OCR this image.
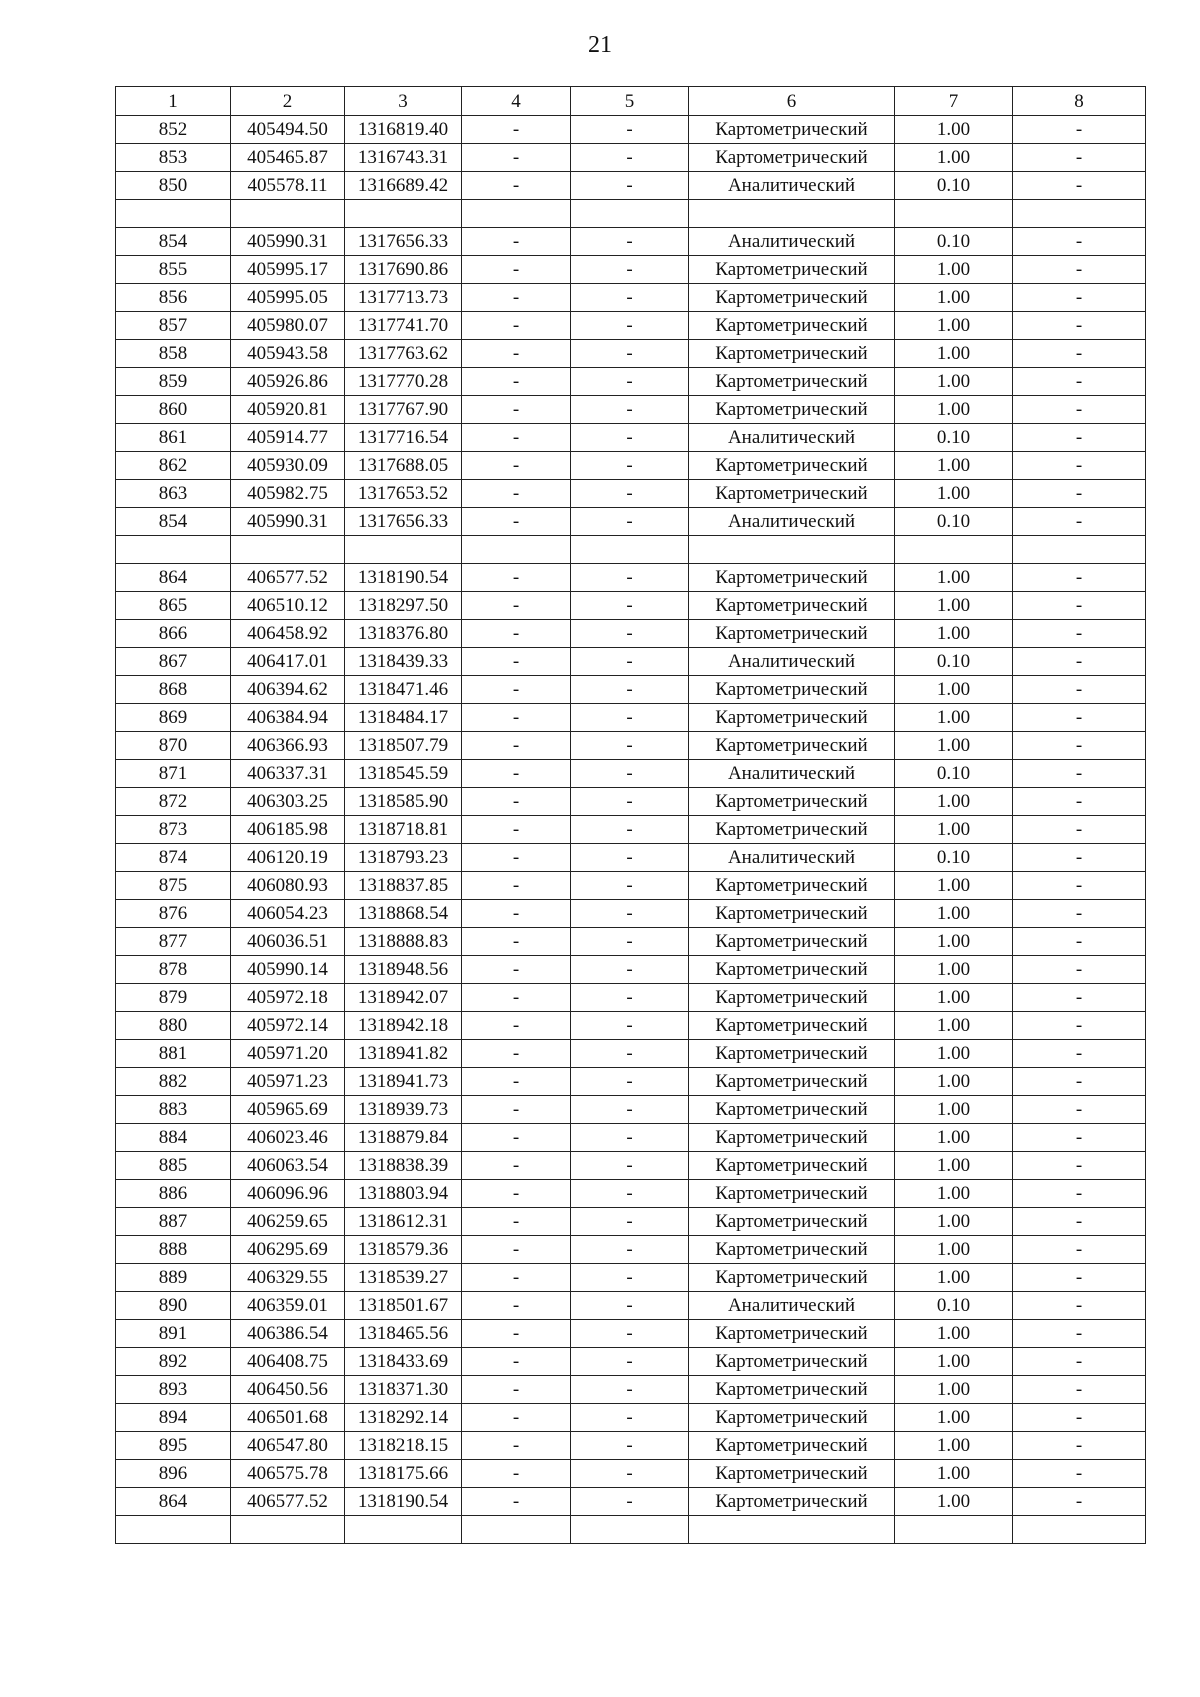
21
1	2	3	4	5	6	7	8
852	405494.50	1316819.40	-	-	Картометрический	1.00	-
853	405465.87	1316743.31	-	-	Картометрический	1.00	-
850	405578.11	1316689.42	-	-	Аналитический	0.10	-

854	405990.31	1317656.33	-	-	Аналитический	0.10	-
855	405995.17	1317690.86	-	-	Картометрический	1.00	-
856	405995.05	1317713.73	-	-	Картометрический	1.00	-
857	405980.07	1317741.70	-	-	Картометрический	1.00	-
858	405943.58	1317763.62	-	-	Картометрический	1.00	-
859	405926.86	1317770.28	-	-	Картометрический	1.00	-
860	405920.81	1317767.90	-	-	Картометрический	1.00	-
861	405914.77	1317716.54	-	-	Аналитический	0.10	-
862	405930.09	1317688.05	-	-	Картометрический	1.00	-
863	405982.75	1317653.52	-	-	Картометрический	1.00	-
854	405990.31	1317656.33	-	-	Аналитический	0.10	-

864	406577.52	1318190.54	-	-	Картометрический	1.00	-
865	406510.12	1318297.50	-	-	Картометрический	1.00	-
866	406458.92	1318376.80	-	-	Картометрический	1.00	-
867	406417.01	1318439.33	-	-	Аналитический	0.10	-
868	406394.62	1318471.46	-	-	Картометрический	1.00	-
869	406384.94	1318484.17	-	-	Картометрический	1.00	-
870	406366.93	1318507.79	-	-	Картометрический	1.00	-
871	406337.31	1318545.59	-	-	Аналитический	0.10	-
872	406303.25	1318585.90	-	-	Картометрический	1.00	-
873	406185.98	1318718.81	-	-	Картометрический	1.00	-
874	406120.19	1318793.23	-	-	Аналитический	0.10	-
875	406080.93	1318837.85	-	-	Картометрический	1.00	-
876	406054.23	1318868.54	-	-	Картометрический	1.00	-
877	406036.51	1318888.83	-	-	Картометрический	1.00	-
878	405990.14	1318948.56	-	-	Картометрический	1.00	-
879	405972.18	1318942.07	-	-	Картометрический	1.00	-
880	405972.14	1318942.18	-	-	Картометрический	1.00	-
881	405971.20	1318941.82	-	-	Картометрический	1.00	-
882	405971.23	1318941.73	-	-	Картометрический	1.00	-
883	405965.69	1318939.73	-	-	Картометрический	1.00	-
884	406023.46	1318879.84	-	-	Картометрический	1.00	-
885	406063.54	1318838.39	-	-	Картометрический	1.00	-
886	406096.96	1318803.94	-	-	Картометрический	1.00	-
887	406259.65	1318612.31	-	-	Картометрический	1.00	-
888	406295.69	1318579.36	-	-	Картометрический	1.00	-
889	406329.55	1318539.27	-	-	Картометрический	1.00	-
890	406359.01	1318501.67	-	-	Аналитический	0.10	-
891	406386.54	1318465.56	-	-	Картометрический	1.00	-
892	406408.75	1318433.69	-	-	Картометрический	1.00	-
893	406450.56	1318371.30	-	-	Картометрический	1.00	-
894	406501.68	1318292.14	-	-	Картометрический	1.00	-
895	406547.80	1318218.15	-	-	Картометрический	1.00	-
896	406575.78	1318175.66	-	-	Картометрический	1.00	-
864	406577.52	1318190.54	-	-	Картометрический	1.00	-
